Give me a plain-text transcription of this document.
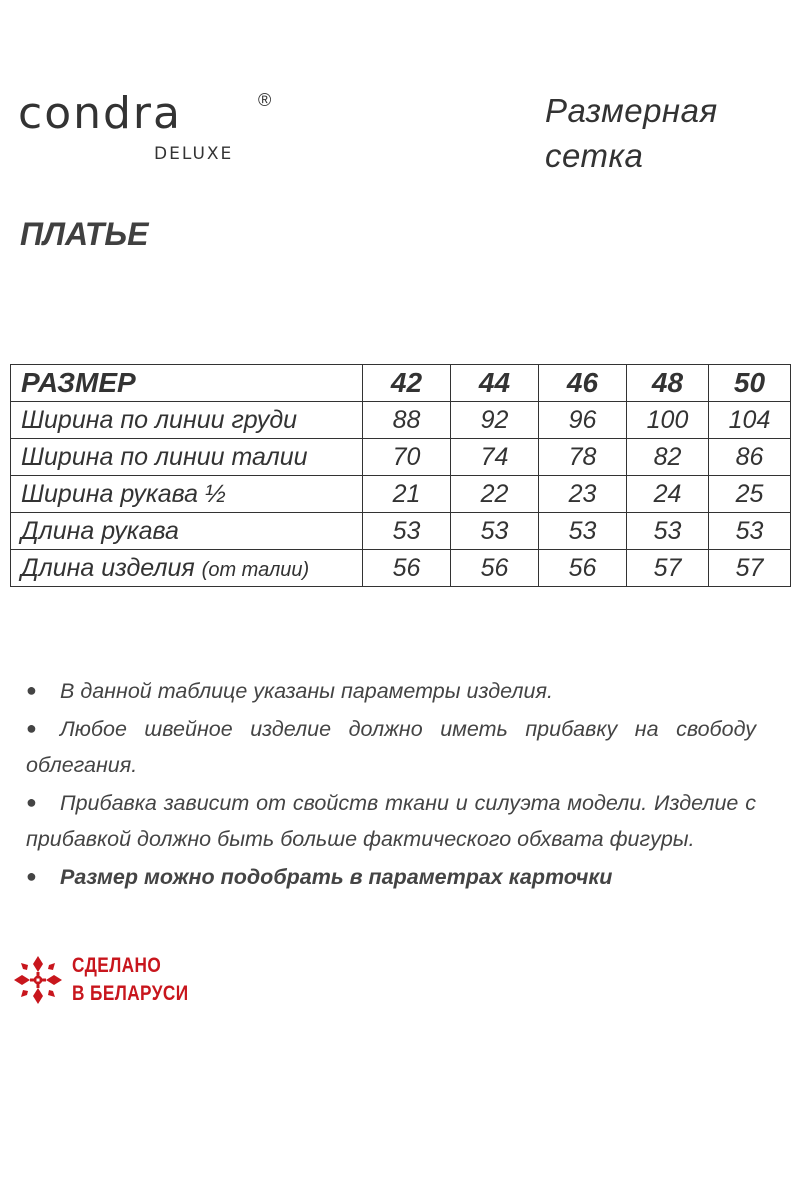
condra	®
DELUXE
Размерная
сетка
ПЛАТЬЕ
РАЗМЕР	42	44	46	48	50
Ширина по линии груди	88	92	96	100	104
Ширина по линии талии	70	74	78	82	86
Ширина рукава ½	21	22	23	24	25
Длина рукава	53	53	53	53	53
Длина изделия (от талии)	56	56	56	57	57

● В данной таблице указаны параметры изделия.

● Любое швейное изделие должно иметь прибавку на свободу облегания.

● Прибавка зависит от свойств ткани и силуэта модели. Изделие с прибавкой должно быть больше фактического обхвата фигуры.

● Размер можно подобрать в параметрах карточки

СДЕЛАНО
В БЕЛАРУСИ
